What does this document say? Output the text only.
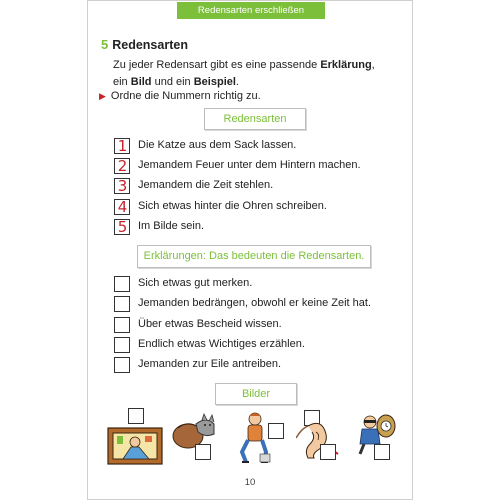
Redensarten erschließen
5 Redensarten
Zu jeder Redensart gibt es eine passende Erklärung,
ein Bild und ein Beispiel.
▶ Ordne die Nummern richtig zu.
Redensarten
1 Die Katze aus dem Sack lassen.
2 Jemandem Feuer unter dem Hintern machen.
3 Jemandem die Zeit stehlen.
4 Sich etwas hinter die Ohren schreiben.
5 Im Bilde sein.
Erklärungen: Das bedeuten die Redensarten.
Sich etwas gut merken.
Jemanden bedrängen, obwohl er keine Zeit hat.
Über etwas Bescheid wissen.
Endlich etwas Wichtiges erzählen.
Jemanden zur Eile antreiben.
Bilder
10
